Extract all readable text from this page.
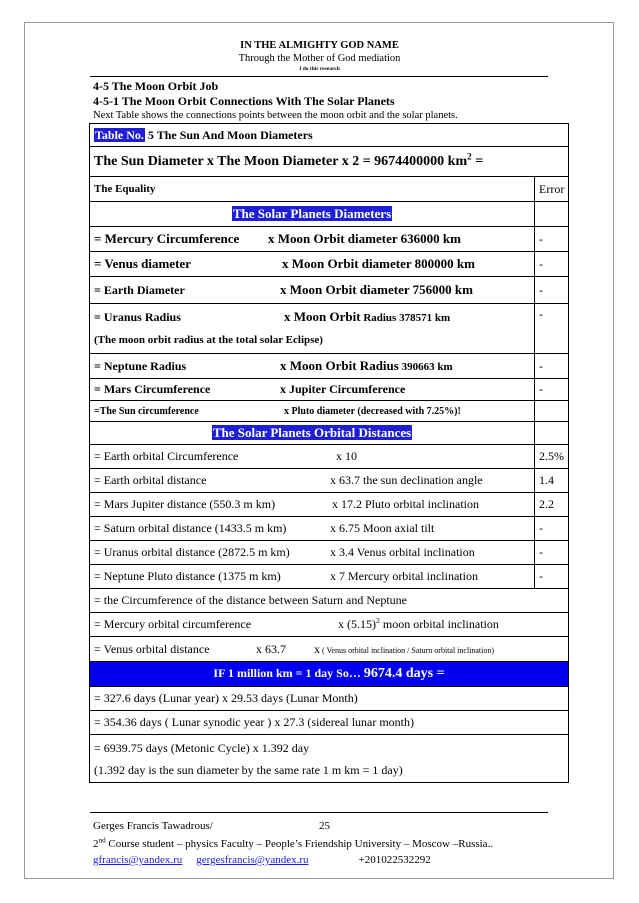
IN THE ALMIGHTY GOD NAME
Through the Mother of God mediation
I do this research
4-5 The Moon Orbit Job
4-5-1 The Moon Orbit Connections With The Solar Planets
Next Table shows the connections points between the moon orbit and the solar planets.
Table No. 5 The Sun And Moon Diameters	
The Sun Diameter x The Moon Diameter x 2 = 9674400000 $km^2$ =	
The Equality	Error
The Solar Planets Diameters	
= Mercury Circumference x Moon Orbit diameter 636000 km	-
= Venus diameter x Moon Orbit diameter 800000 km	-
= Earth Diameter x Moon Orbit diameter 756000 km	-

= Uranus Radius x Moon Orbit Radius 378571 km
(The moon orbit radius at the total solar Eclipse)	-
= Neptune Radius x Moon Orbit Radius 390663 km	-
= Mars Circumference x Jupiter Circumference	-
=The Sun circumference x Pluto diameter (decreased with 7.25%)!	
The Solar Planets Orbital Distances	
= Earth orbital Circumference x 10	2.5%
= Earth orbital distance x 63.7 the sun declination angle	1.4
= Mars Jupiter distance (550.3 m km) x 17.2 Pluto orbital inclination	2.2
= Saturn orbital distance (1433.5 m km) x 6.75 Moon axial tilt	-
= Uranus orbital distance (2872.5 m km) x 3.4 Venus orbital inclination	-
= Neptune Pluto distance (1375 m km) x 7 Mercury orbital inclination	-
= the Circumference of the distance between Saturn and Neptune	
= Mercury orbital circumference x $(5.15)^2$ moon orbital inclination	
= Venus orbital distance x 63.7 x ( Venus orbital inclination / Saturn orbital inclination)	
IF 1 million km = 1 day So… 9674.4 days =	
= 327.6 days (Lunar year) x 29.53 days (Lunar Month)	
= 354.36 days ( Lunar synodic year ) x 27.3 (sidereal lunar month)	

= 6939.75 days (Metonic Cycle) x 1.392 day
(1.392 day is the sun diameter by the same rate 1 m km = 1 day)	
Gerges Francis Tawadrous/	25
2nd Course student – physics Faculty – People’s Friendship University – Moscow –Russia..
gfrancis@yandex.ru gergesfrancis@yandex.ru	+201022532292
